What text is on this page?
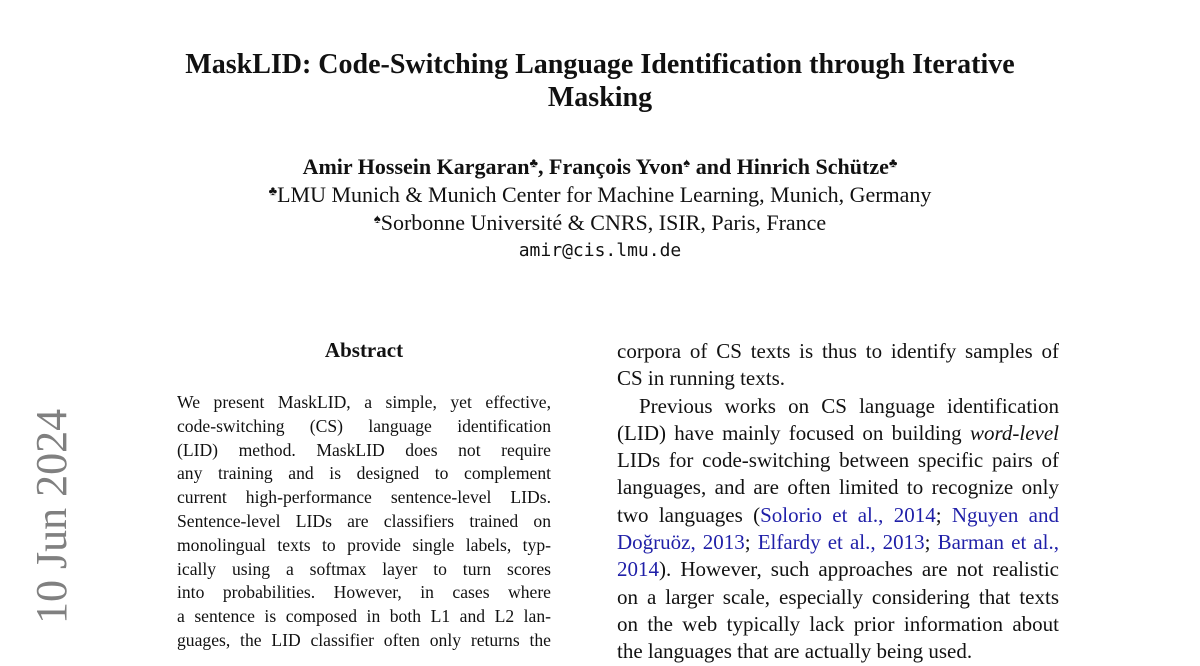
10 Jun 2024
MaskLID: Code-Switching Language Identification through Iterative
Masking
Amir Hossein Kargaran♣, François Yvon♠ and Hinrich Schütze♣
♣LMU Munich & Munich Center for Machine Learning, Munich, Germany
♠Sorbonne Université & CNRS, ISIR, Paris, France
amir@cis.lmu.de
Abstract
We present MaskLID, a simple, yet effective,
code-switching (CS) language identification
(LID) method. MaskLID does not require
any training and is designed to complement
current high-performance sentence-level LIDs.
Sentence-level LIDs are classifiers trained on
monolingual texts to provide single labels, typ-
ically using a softmax layer to turn scores
into probabilities. However, in cases where
a sentence is composed in both L1 and L2 lan-
guages, the LID classifier often only returns the
corpora of CS texts is thus to identify samples of
CS in running texts.
Previous works on CS language identification
(LID) have mainly focused on building word-level
LIDs for code-switching between specific pairs of
languages, and are often limited to recognize only
two languages (Solorio et al., 2014; Nguyen and
Doğruöz, 2013; Elfardy et al., 2013; Barman et al.,
2014). However, such approaches are not realistic
on a larger scale, especially considering that texts
on the web typically lack prior information about
the languages that are actually being used.
